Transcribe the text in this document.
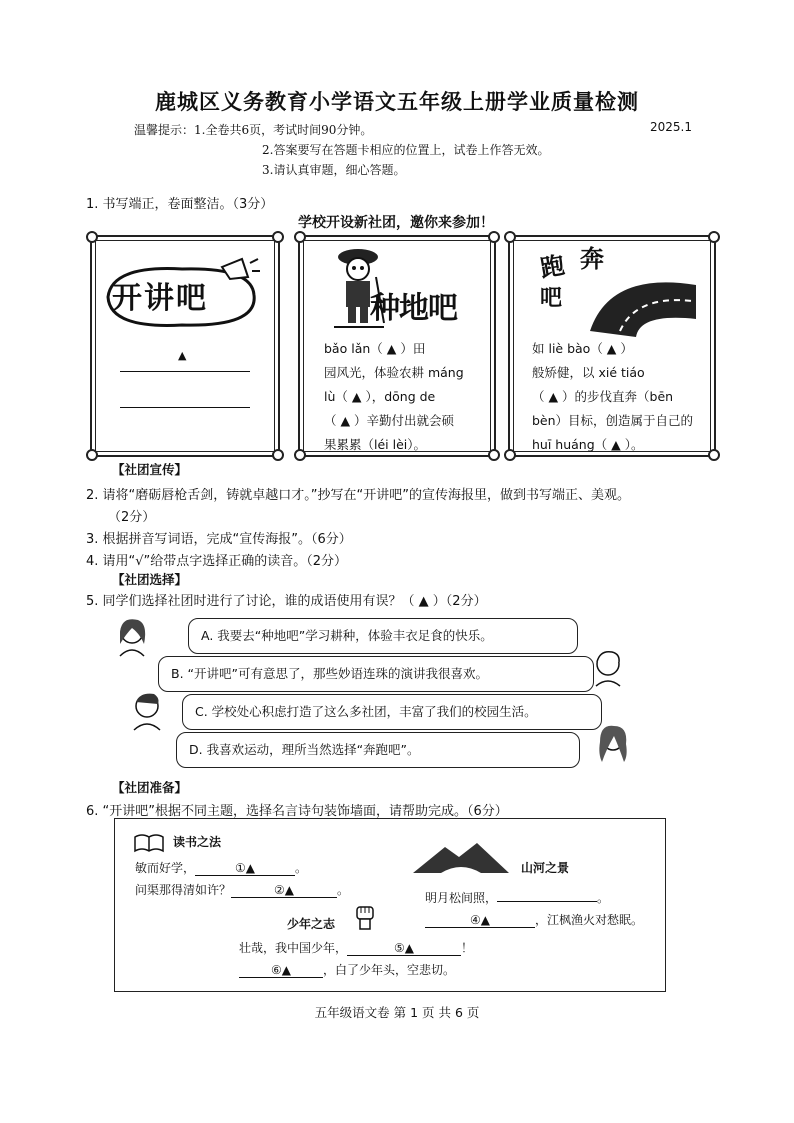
鹿城区义务教育小学语文五年级上册学业质量检测
2025.1
温馨提示：1.全卷共6页，考试时间90分钟。
2.答案要写在答题卡相应的位置上，试卷上作答无效。
3.请认真审题，细心答题。
1. 书写端正，卷面整洁。（3分）
学校开设新社团，邀你来参加！
开讲吧
▲
种地吧
bǎo lǎn（ ▲ ）田
园风光，体验农耕 máng
lù（ ▲ ），dōng de
（ ▲ ）辛勤付出就会硕
果累累（léi lèi）。
跑 奔
吧
如 liè bào（ ▲ ）
般矫健，以 xié tiáo
（ ▲ ）的步伐直奔（bēn
bèn）目标，创造属于自己的
huī huáng（ ▲ ）。
【社团宣传】
2. 请将“磨砺唇枪舌剑，铸就卓越口才。”抄写在“开讲吧”的宣传海报里，做到书写端正、美观。
（2分）
3. 根据拼音写词语，完成“宣传海报”。（6分）
4. 请用“√”给带点字选择正确的读音。（2分）
【社团选择】
5. 同学们选择社团时进行了讨论，谁的成语使用有误？（ ▲ ）（2分）
A. 我要去“种地吧”学习耕种，体验丰衣足食的快乐。
B. “开讲吧”可有意思了，那些妙语连珠的演讲我很喜欢。
C. 学校处心积虑打造了这么多社团，丰富了我们的校园生活。
D. 我喜欢运动，理所当然选择“奔跑吧”。
【社团准备】
6. “开讲吧”根据不同主题，选择名言诗句装饰墙面，请帮助完成。（6分）
读书之法
敏而好学，	①▲	。
问渠那得清如许？	②▲	。
山河之景
明月松间照，	。
④▲	，江枫渔火对愁眠。
少年之志
壮哉，我中国少年，	⑤▲	！
⑥▲	，白了少年头，空悲切。
五年级语文卷 第 1 页 共 6 页
